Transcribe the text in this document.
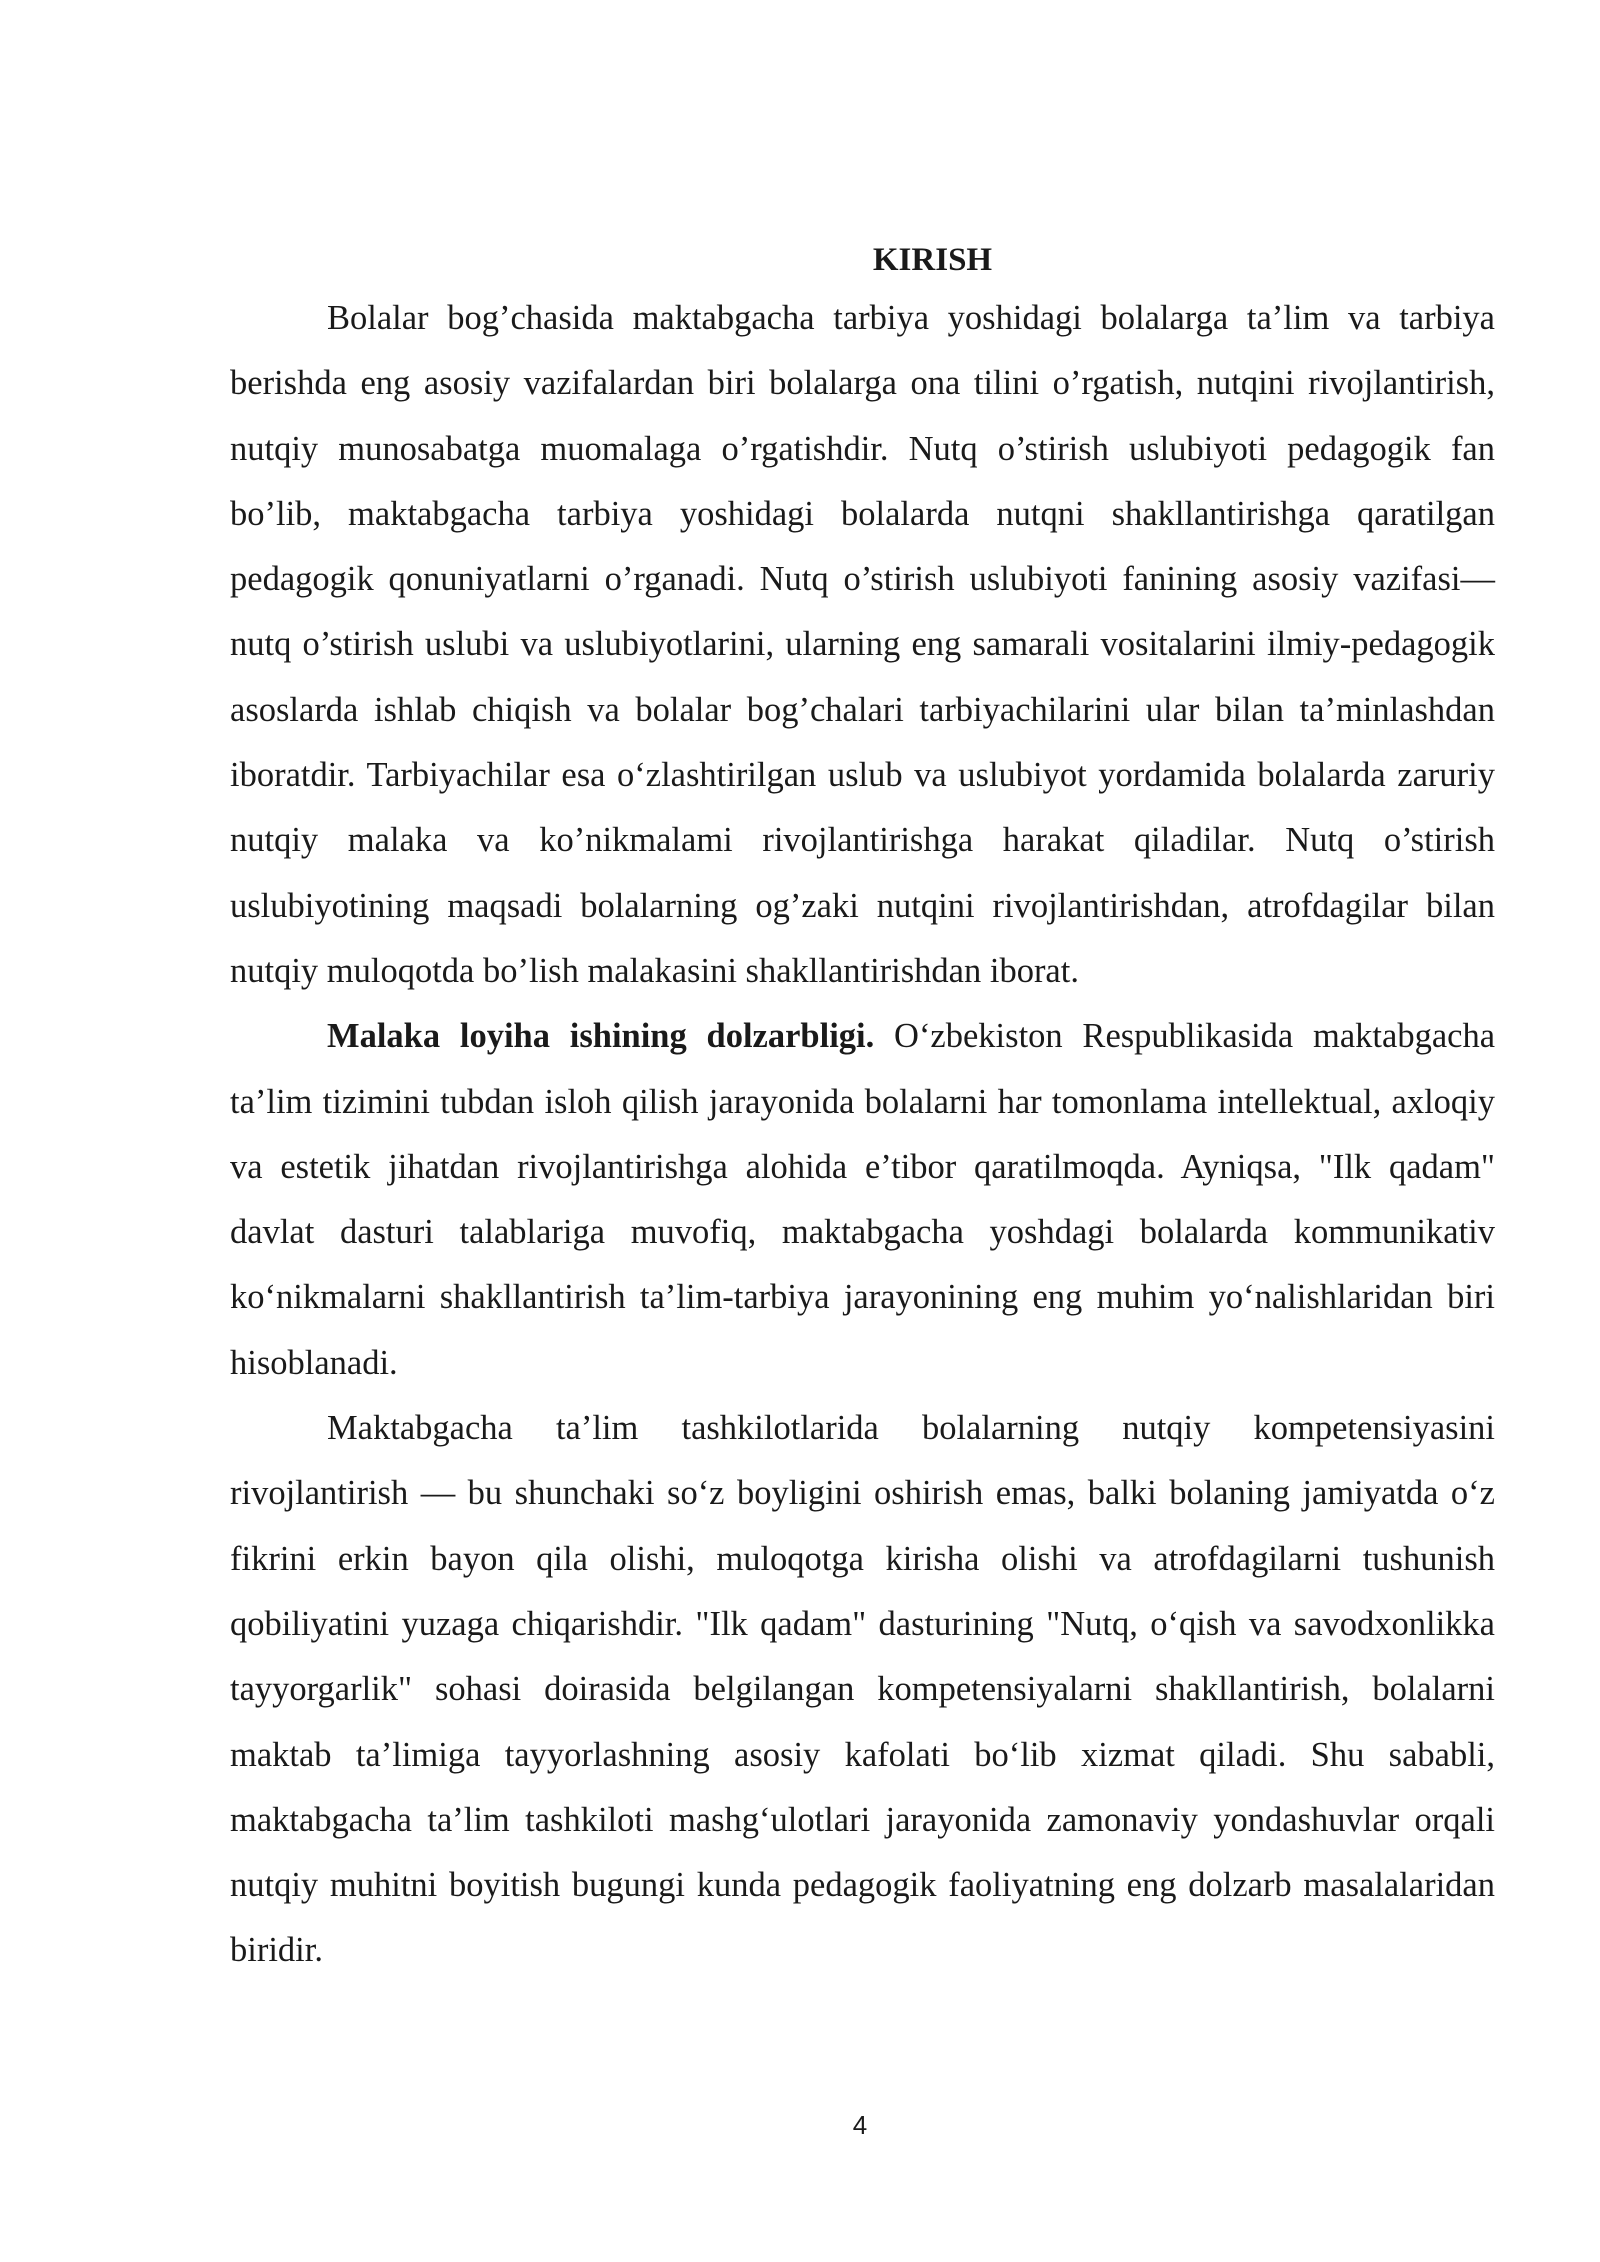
KIRISH

Bolalar bog’chasida maktabgacha tarbiya yoshidagi bolalarga ta’lim va tarbiya berishda eng asosiy vazifalardan biri bolalarga ona tilini o’rgatish, nutqini rivojlantirish, nutqiy munosabatga muomalaga o’rgatishdir. Nutq o’stirish uslubiyoti pedagogik fan bo’lib, maktabgacha tarbiya yoshidagi bolalarda nutqni shakllantirishga qaratilgan pedagogik qonuniyatlarni o’rganadi. Nutq o’stirish uslubiyoti fanining asosiy vazifasi— nutq o’stirish uslubi va uslubiyotlarini, ularning eng samarali vositalarini ilmiy-pedagogik asoslarda ishlab chiqish va bolalar bog’chalari tarbiyachilarini ular bilan ta’minlashdan iboratdir. Tarbiyachilar esa o‘zlashtirilgan uslub va uslubiyot yordamida bolalarda zaruriy nutqiy malaka va ko’nikmalami rivojlantirishga harakat qiladilar. Nutq o’stirish uslubiyotining maqsadi bolalarning og’zaki nutqini rivojlantirishdan, atrofdagilar bilan nutqiy muloqotda bo’lish malakasini shakllantirishdan iborat.

Malaka loyiha ishining dolzarbligi. O‘zbekiston Respublikasida maktabgacha ta’lim tizimini tubdan isloh qilish jarayonida bolalarni har tomonlama intellektual, axloqiy va estetik jihatdan rivojlantirishga alohida e’tibor qaratilmoqda. Ayniqsa, "Ilk qadam" davlat dasturi talablariga muvofiq, maktabgacha yoshdagi bolalarda kommunikativ ko‘nikmalarni shakllantirish ta’lim-tarbiya jarayonining eng muhim yo‘nalishlaridan biri hisoblanadi.

Maktabgacha ta’lim tashkilotlarida bolalarning nutqiy kompetensiyasini rivojlantirish — bu shunchaki so‘z boyligini oshirish emas, balki bolaning jamiyatda o‘z fikrini erkin bayon qila olishi, muloqotga kirisha olishi va atrofdagilarni tushunish qobiliyatini yuzaga chiqarishdir. "Ilk qadam" dasturining "Nutq, o‘qish va savodxonlikka tayyorgarlik" sohasi doirasida belgilangan kompetensiyalarni shakllantirish, bolalarni maktab ta’limiga tayyorlashning asosiy kafolati bo‘lib xizmat qiladi. Shu sababli, maktabgacha ta’lim tashkiloti mashg‘ulotlari jarayonida zamonaviy yondashuvlar orqali nutqiy muhitni boyitish bugungi kunda pedagogik faoliyatning eng dolzarb masalalaridan biridir.

4
